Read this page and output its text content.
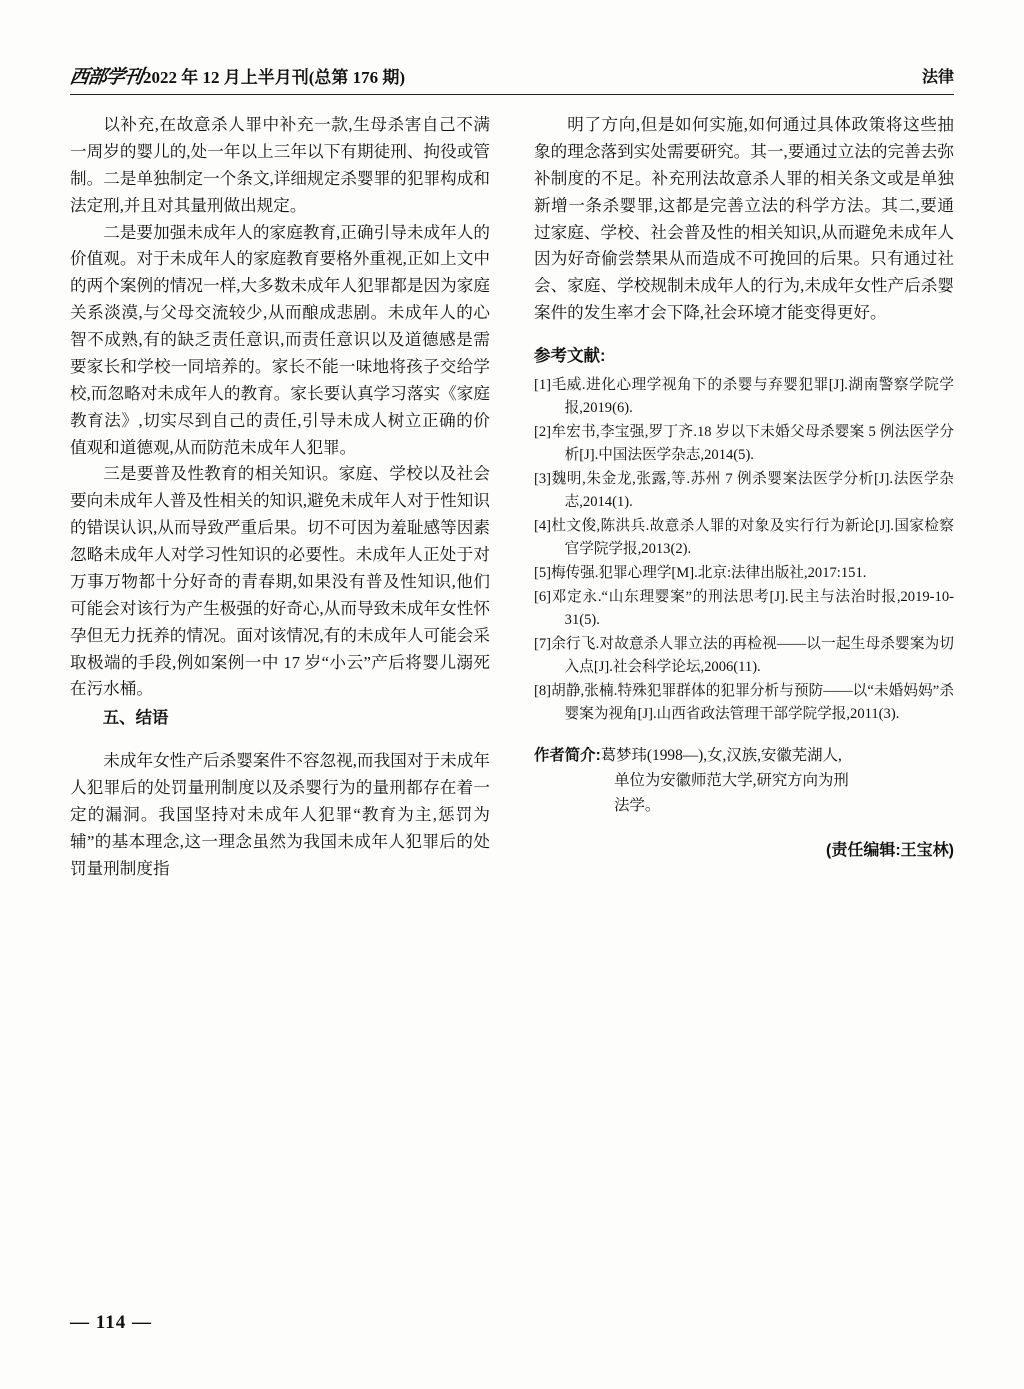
西部学刊2022 年 12 月上半月刊(总第 176 期)	法律

以补充,在故意杀人罪中补充一款,生母杀害自己不满一周岁的婴儿的,处一年以上三年以下有期徒刑、拘役或管制。二是单独制定一个条文,详细规定杀婴罪的犯罪构成和法定刑,并且对其量刑做出规定。

二是要加强未成年人的家庭教育,正确引导未成年人的价值观。对于未成年人的家庭教育要格外重视,正如上文中的两个案例的情况一样,大多数未成年人犯罪都是因为家庭关系淡漠,与父母交流较少,从而酿成悲剧。未成年人的心智不成熟,有的缺乏责任意识,而责任意识以及道德感是需要家长和学校一同培养的。家长不能一味地将孩子交给学校,而忽略对未成年人的教育。家长要认真学习落实《家庭教育法》,切实尽到自己的责任,引导未成人树立正确的价值观和道德观,从而防范未成年人犯罪。

三是要普及性教育的相关知识。家庭、学校以及社会要向未成年人普及性相关的知识,避免未成年人对于性知识的错误认识,从而导致严重后果。切不可因为羞耻感等因素忽略未成年人对学习性知识的必要性。未成年人正处于对万事万物都十分好奇的青春期,如果没有普及性知识,他们可能会对该行为产生极强的好奇心,从而导致未成年女性怀孕但无力抚养的情况。面对该情况,有的未成年人可能会采取极端的手段,例如案例一中 17 岁“小云”产后将婴儿溺死在污水桶。

五、结语

未成年女性产后杀婴案件不容忽视,而我国对于未成年人犯罪后的处罚量刑制度以及杀婴行为的量刑都存在着一定的漏洞。我国坚持对未成年人犯罪“教育为主,惩罚为辅”的基本理念,这一理念虽然为我国未成年人犯罪后的处罚量刑制度指

明了方向,但是如何实施,如何通过具体政策将这些抽象的理念落到实处需要研究。其一,要通过立法的完善去弥补制度的不足。补充刑法故意杀人罪的相关条文或是单独新增一条杀婴罪,这都是完善立法的科学方法。其二,要通过家庭、学校、社会普及性的相关知识,从而避免未成年人因为好奇偷尝禁果从而造成不可挽回的后果。只有通过社会、家庭、学校规制未成年人的行为,未成年女性产后杀婴案件的发生率才会下降,社会环境才能变得更好。

参考文献:
[1]毛威.进化心理学视角下的杀婴与弃婴犯罪[J].湖南警察学院学报,2019(6).
[2]牟宏书,李宝强,罗丁齐.18 岁以下未婚父母杀婴案 5 例法医学分析[J].中国法医学杂志,2014(5).
[3]魏明,朱金龙,张露,等.苏州 7 例杀婴案法医学分析[J].法医学杂志,2014(1).
[4]杜文俊,陈洪兵.故意杀人罪的对象及实行行为新论[J].国家检察官学院学报,2013(2).
[5]梅传强.犯罪心理学[M].北京:法律出版社,2017:151.
[6]邓定永.“山东理婴案”的刑法思考[J].民主与法治时报,2019-10-31(5).
[7]余行飞.对故意杀人罪立法的再检视——以一起生母杀婴案为切入点[J].社会科学论坛,2006(11).
[8]胡静,张楠.特殊犯罪群体的犯罪分析与预防——以“未婚妈妈”杀婴案为视角[J].山西省政法管理干部学院学报,2011(3).
作者简介:葛梦玮(1998—),女,汉族,安徽芜湖人,
单位为安徽师范大学,研究方向为刑
法学。
(责任编辑:王宝林)
— 114 —
